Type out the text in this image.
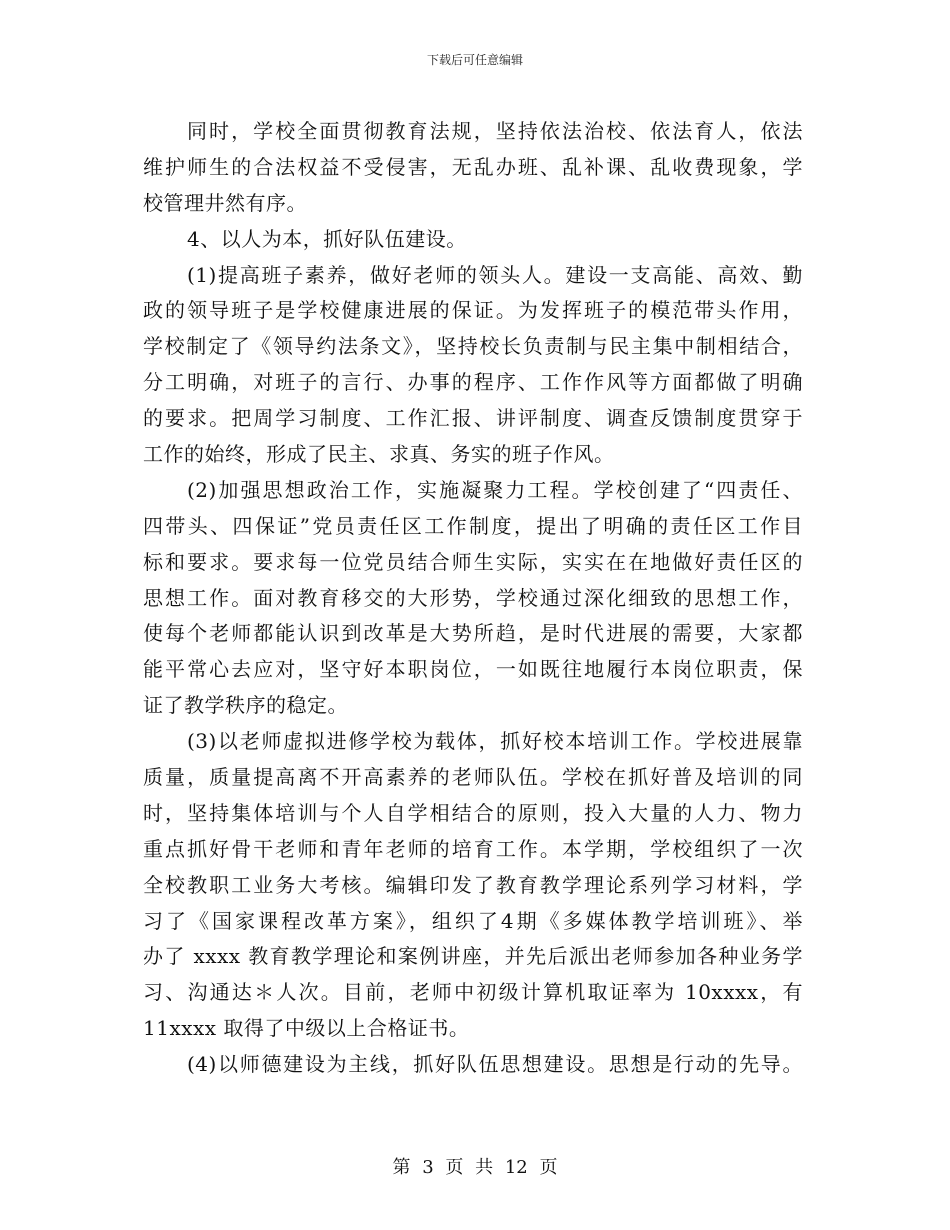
下载后可任意编辑
同时，学校全面贯彻教育法规，坚持依法治校、依法育人，依法
维护师生的合法权益不受侵害，无乱办班、乱补课、乱收费现象，学
校管理井然有序。
4、以人为本，抓好队伍建设。
(1)提高班子素养，做好老师的领头人。建设一支高能、高效、勤
政的领导班子是学校健康进展的保证。为发挥班子的模范带头作用，
学校制定了《领导约法条文》，坚持校长负责制与民主集中制相结合，
分工明确，对班子的言行、办事的程序、工作作风等方面都做了明确
的要求。把周学习制度、工作汇报、讲评制度、调查反馈制度贯穿于
工作的始终，形成了民主、求真、务实的班子作风。
(2)加强思想政治工作，实施凝聚力工程。学校创建了“四责任、
四带头、四保证”党员责任区工作制度，提出了明确的责任区工作目
标和要求。要求每一位党员结合师生实际，实实在在地做好责任区的
思想工作。面对教育移交的大形势，学校通过深化细致的思想工作，
使每个老师都能认识到改革是大势所趋，是时代进展的需要，大家都
能平常心去应对，坚守好本职岗位，一如既往地履行本岗位职责，保
证了教学秩序的稳定。
(3)以老师虚拟进修学校为载体，抓好校本培训工作。学校进展靠
质量，质量提高离不开高素养的老师队伍。学校在抓好普及培训的同
时，坚持集体培训与个人自学相结合的原则，投入大量的人力、物力
重点抓好骨干老师和青年老师的培育工作。本学期，学校组织了一次
全校教职工业务大考核。编辑印发了教育教学理论系列学习材料，学
习了《国家课程改革方案》，组织了4期《多媒体教学培训班》、举
办了 xxxx 教育教学理论和案例讲座，并先后派出老师参加各种业务学
习、沟通达＊人次。目前，老师中初级计算机取证率为 10xxxx，有
11xxxx 取得了中级以上合格证书。
(4)以师德建设为主线，抓好队伍思想建设。思想是行动的先导。
第 3 页 共 12 页
